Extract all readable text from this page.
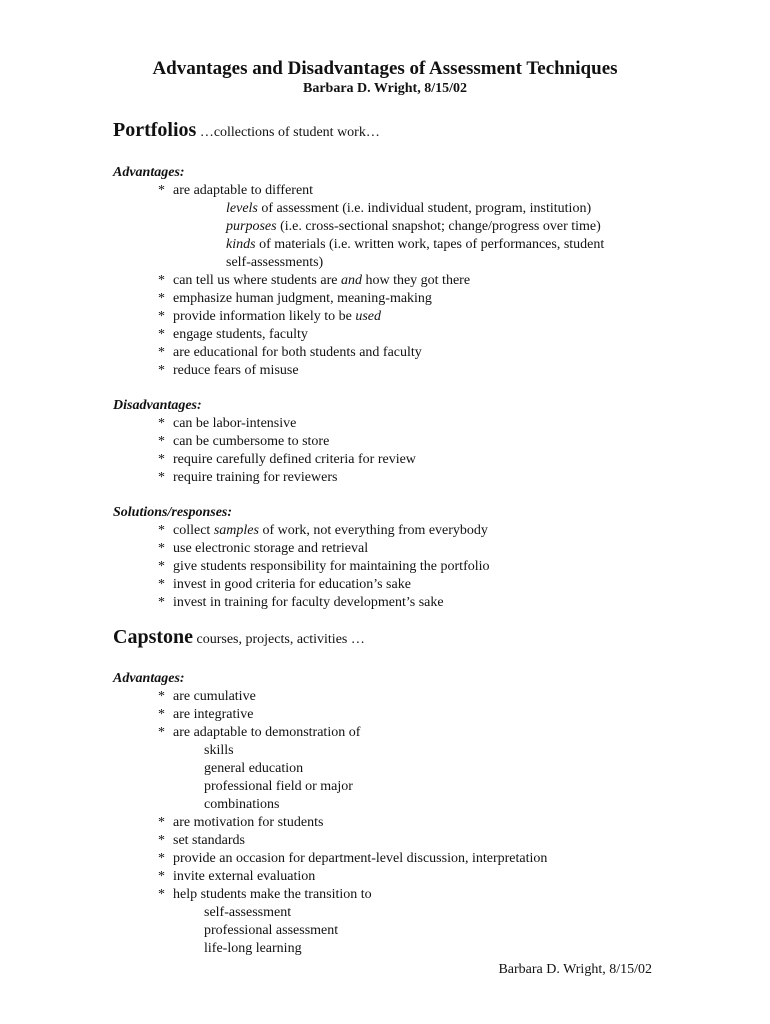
Advantages and Disadvantages of Assessment Techniques
Barbara D. Wright, 8/15/02
Portfolios …collections of student work…
Advantages:
* are adaptable to different
levels of assessment (i.e. individual student, program, institution)
purposes (i.e. cross-sectional snapshot; change/progress over time)
kinds of materials (i.e. written work, tapes of performances, student
self-assessments)
* can tell us where students are and how they got there
* emphasize human judgment, meaning-making
* provide information likely to be used
* engage students, faculty
* are educational for both students and faculty
* reduce fears of misuse
Disadvantages:
* can be labor-intensive
* can be cumbersome to store
* require carefully defined criteria for review
* require training for reviewers
Solutions/responses:
* collect samples of work, not everything from everybody
* use electronic storage and retrieval
* give students responsibility for maintaining the portfolio
* invest in good criteria for education’s sake
* invest in training for faculty development’s sake
Capstone courses, projects, activities …
Advantages:
* are cumulative
* are integrative
* are adaptable to demonstration of
skills
general education
professional field or major
combinations
* are motivation for students
* set standards
* provide an occasion for department-level discussion, interpretation
* invite external evaluation
* help students make the transition to
self-assessment
professional assessment
life-long learning
Barbara D. Wright, 8/15/02
